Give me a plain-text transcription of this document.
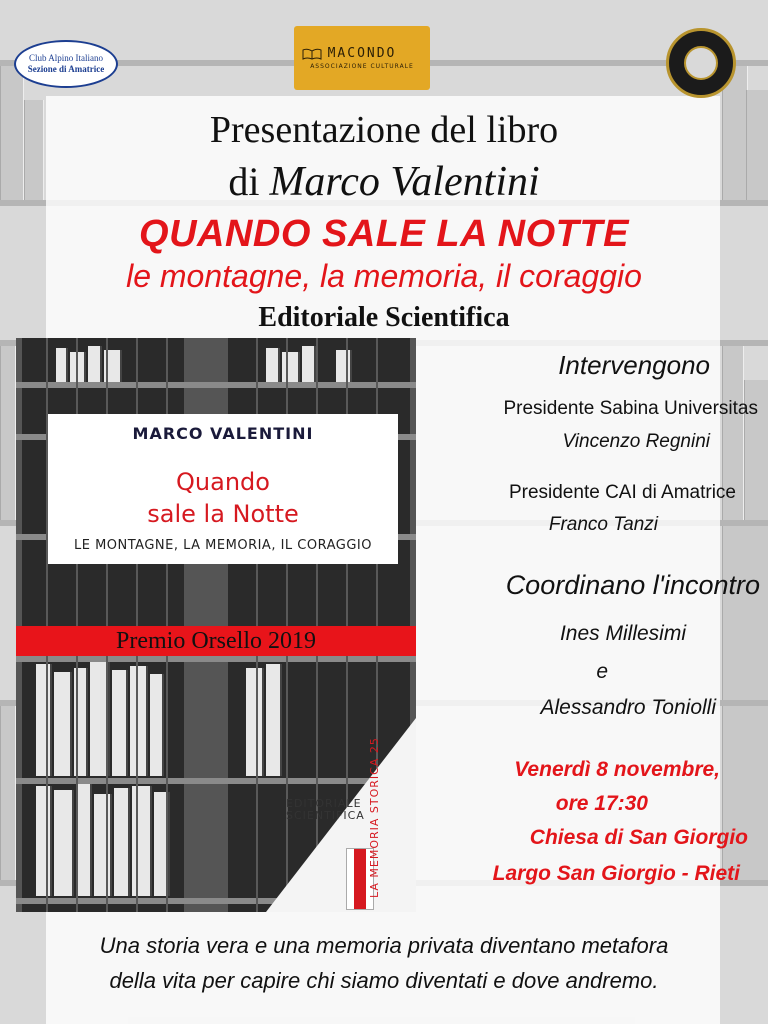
Club Alpino Italiano
Sezione di Amatrice
MACONDO
ASSOCIAZIONE CULTURALE
Presentazione del libro
di Marco Valentini
QUANDO SALE LA NOTTE
le montagne, la memoria, il coraggio
Editoriale Scientifica
MARCO VALENTINI
Quando
sale la Notte
LE MONTAGNE, LA MEMORIA, IL CORAGGIO
Premio Orsello 2019
EDITORIALE
SCIENTIFICA LA MEMORIA STORICA 25
Intervengono
Presidente Sabina Universitas
Vincenzo Regnini
Presidente CAI di Amatrice
Franco Tanzi
Coordinano l'incontro
Ines Millesimi
e
Alessandro Toniolli
Venerdì 8 novembre,
ore 17:30
Chiesa di San Giorgio
Largo San Giorgio - Rieti
Una storia vera e una memoria privata diventano metafora
della vita per capire chi siamo diventati e dove andremo.
